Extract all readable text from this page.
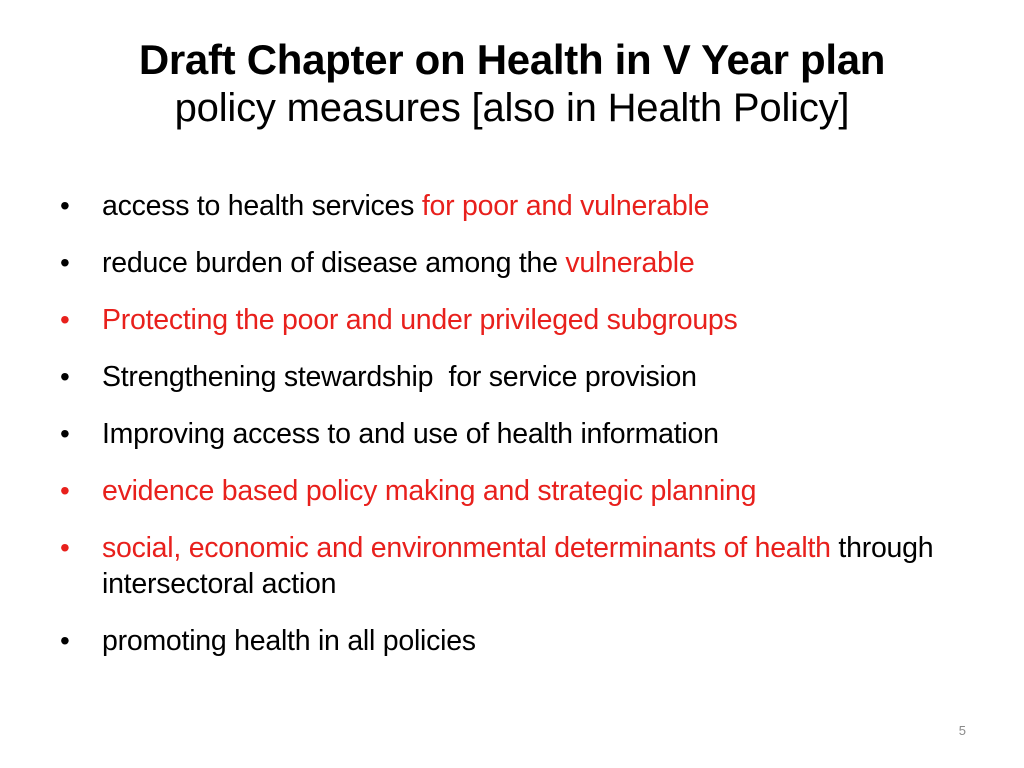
Draft Chapter on Health in V Year plan
policy measures [also in Health Policy]
• access to health services for poor and vulnerable
• reduce burden of disease among the vulnerable
• Protecting the poor and under privileged subgroups
• Strengthening stewardship  for service provision
• Improving access to and use of health information
• evidence based policy making and strategic planning
• social, economic and environmental determinants of health through intersectoral action
• promoting health in all policies
5
